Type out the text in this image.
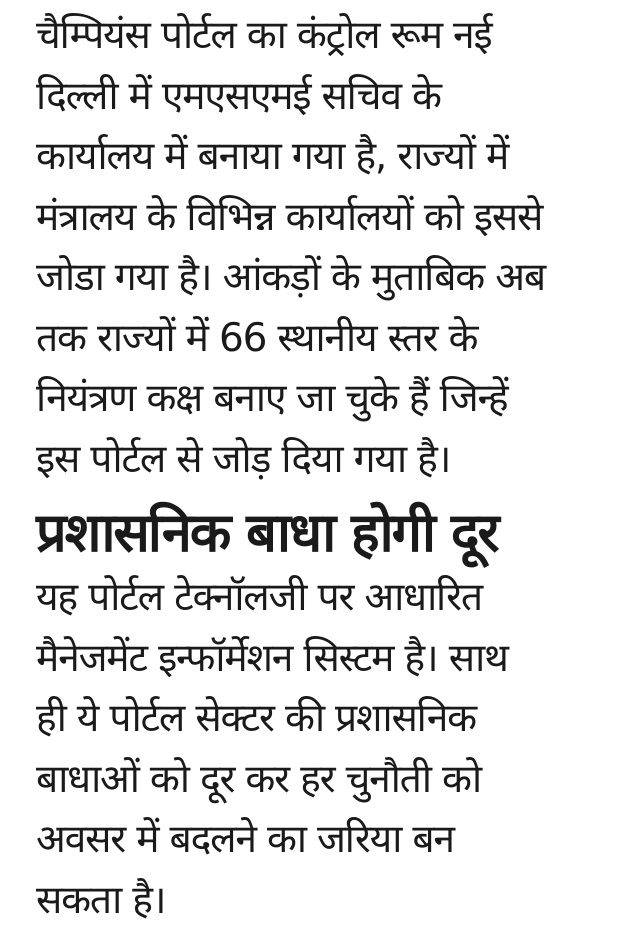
चैम्पियंस पोर्टल का कंट्रोल रूम नई
दिल्ली में एमएसएमई सचिव के
कार्यालय में बनाया गया है, राज्यों में
मंत्रालय के विभिन्न कार्यालयों को इससे
जोडा गया है। आंकड़ों के मुताबिक अब
तक राज्यों में 66 स्थानीय स्तर के
नियंत्रण कक्ष बनाए जा चुके हैं जिन्हें
इस पोर्टल से जोड़ दिया गया है।
प्रशासनिक बाधा होगी दूर
यह पोर्टल टेक्नॉलजी पर आधारित
मैनेजमेंट इन्फॉर्मेशन सिस्टम है। साथ
ही ये पोर्टल सेक्टर की प्रशासनिक
बाधाओं को दूर कर हर चुनौती को
अवसर में बदलने का जरिया बन
सकता है।
